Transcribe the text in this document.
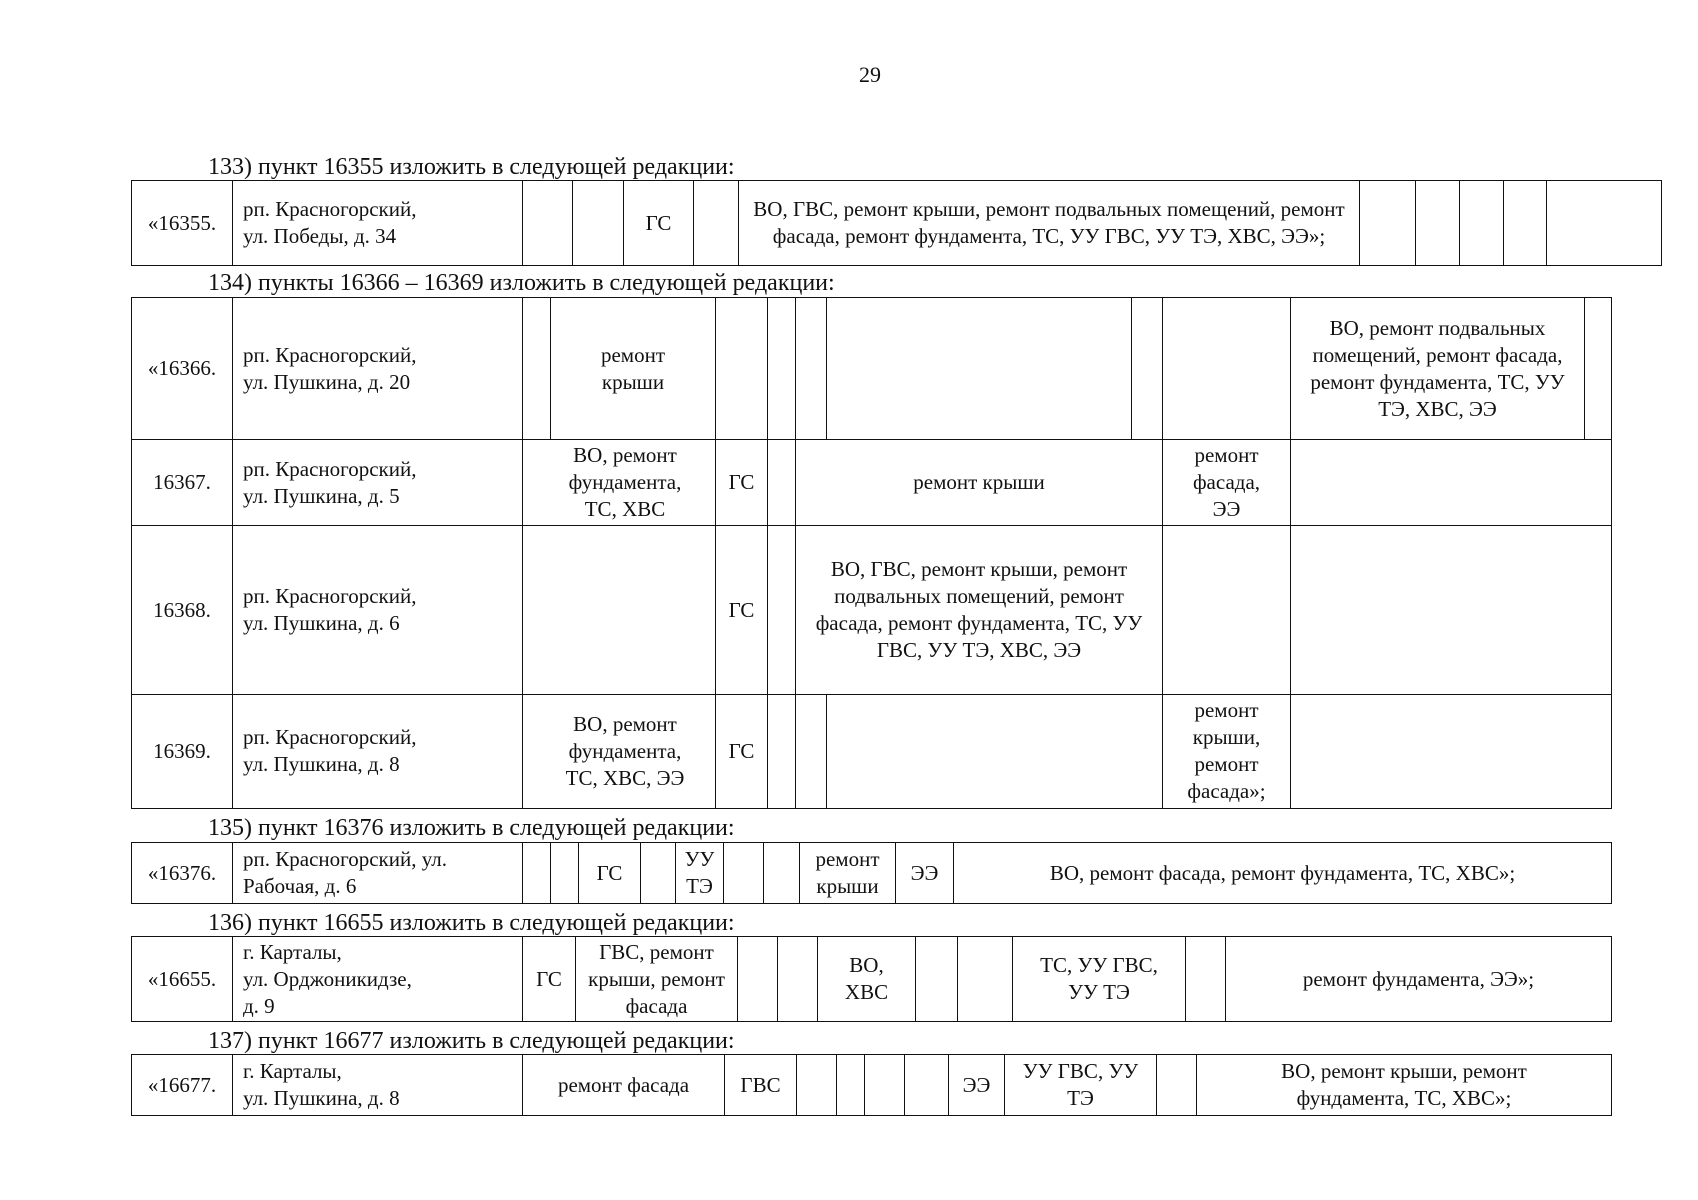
29
133) пункт 16355 изложить в следующей редакции:
«16355.	рп. Красногорский,
ул. Победы, д. 34			ГС		ВО, ГВС, ремонт крыши, ремонт подвальных помещений, ремонт фасада, ремонт фундамента, ТС, УУ ГВС, УУ ТЭ, ХВС, ЭЭ»;					
134) пункты 16366 – 16369 изложить в следующей редакции:
«16366.	рп. Красногорский,
ул. Пушкина, д. 20		ремонт крыши							ВО, ремонт подвальных помещений, ремонт фасада, ремонт фундамента, ТС, УУ ТЭ, ХВС, ЭЭ	
16367.	рп. Красногорский,
ул. Пушкина, д. 5	ВО, ремонт фундамента, ТС, ХВС		ГС		ремонт крыши			ремонт фасада, ЭЭ		
16368.	рп. Красногорский,
ул. Пушкина, д. 6			ГС		ВО, ГВС, ремонт крыши, ремонт подвальных помещений, ремонт фасада, ремонт фундамента, ТС, УУ ГВС, УУ ТЭ, ХВС, ЭЭ					
16369.	рп. Красногорский,
ул. Пушкина, д. 8	ВО, ремонт фундамента, ТС, ХВС, ЭЭ		ГС					ремонт крыши, ремонт фасада»;		
135) пункт 16376 изложить в следующей редакции:
«16376.	рп. Красногорский, ул.
Рабочая, д. 6			ГС		УУ ТЭ			ремонт крыши	ЭЭ	ВО, ремонт фасада, ремонт фундамента, ТС, ХВС»;
136) пункт 16655 изложить в следующей редакции:
«16655.	г. Карталы,
ул. Орджоникидзе,
д. 9	ГС	ГВС, ремонт крыши, ремонт фасада			ВО, ХВС			ТС, УУ ГВС, УУ ТЭ		ремонт фундамента, ЭЭ»;
137) пункт 16677 изложить в следующей редакции:
«16677.	г. Карталы,
ул. Пушкина, д. 8	ремонт фасада	ГВС					ЭЭ	УУ ГВС, УУ ТЭ		ВО, ремонт крыши, ремонт фундамента, ТС, ХВС»;
